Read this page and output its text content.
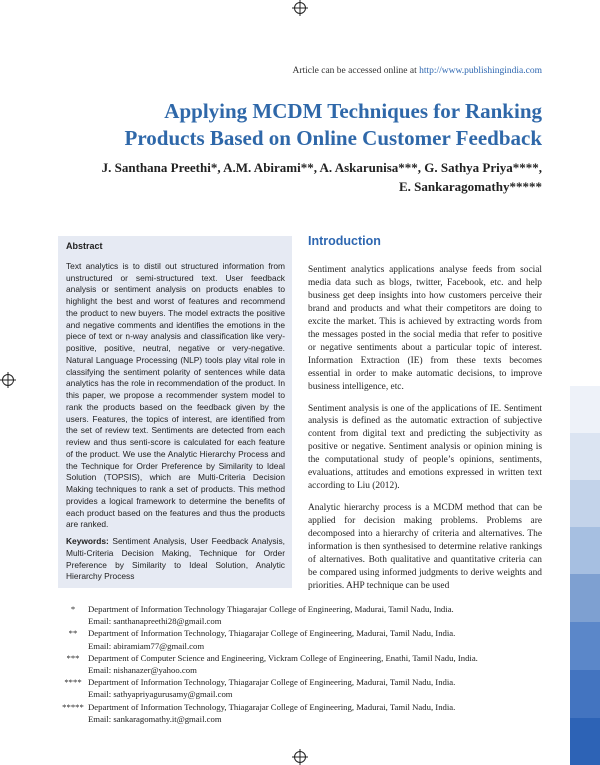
Article can be accessed online at http://www.publishingindia.com
Applying MCDM Techniques for Ranking Products Based on Online Customer Feedback
J. Santhana Preethi*, A.M. Abirami**, A. Askarunisa***, G. Sathya Priya****,
E. Sankaragomathy*****
Abstract
Text analytics is to distil out structured information from unstructured or semi-structured text. User feedback analysis or sentiment analysis on products enables to highlight the best and worst of features and recommend the product to new buyers. The model extracts the positive and negative comments and identifies the emotions in the piece of text or n-way analysis and classification like very-positive, positive, neutral, negative or very-negative. Natural Language Processing (NLP) tools play vital role in classifying the sentiment polarity of sentences while data analytics has the role in recommendation of the product. In this paper, we propose a recommender system model to rank the products based on the feedback given by the users. Features, the topics of interest, are identified from the set of review text. Sentiments are detected from each review and thus senti-score is calculated for each feature of the product. We use the Analytic Hierarchy Process and the Technique for Order Preference by Similarity to Ideal Solution (TOPSIS), which are Multi-Criteria Decision Making techniques to rank a set of products. This method provides a logical framework to determine the benefits of each product based on the features and thus the products are ranked.
Keywords: Sentiment Analysis, User Feedback Analysis, Multi-Criteria Decision Making, Technique for Order Preference by Similarity to Ideal Solution, Analytic Hierarchy Process
Introduction

Sentiment analytics applications analyse feeds from social media data such as blogs, twitter, Facebook, etc. and help business get deep insights into how customers perceive their brand and products and what their competitors are doing to excite the market. This is achieved by extracting words from the messages posted in the social media that refer to positive or negative sentiments about a particular topic of interest. Information Extraction (IE) from these texts becomes essential in order to make automatic decisions, to improve business intelligence, etc.

Sentiment analysis is one of the applications of IE. Sentiment analysis is defined as the automatic extraction of subjective content from digital text and predicting the subjectivity as positive or negative. Sentiment analysis or opinion mining is the computational study of people’s opinions, sentiments, evaluations, attitudes and emotions expressed in written text according to Liu (2012).

Analytic hierarchy process is a MCDM method that can be applied for decision making problems. Problems are decomposed into a hierarchy of criteria and alternatives. The information is then synthesised to determine relative rankings of alternatives. Both qualitative and quantitative criteria can be compared using informed judgments to derive weights and priorities. AHP technique can be used

*	Department of Information Technology Thiagarajar College of Engineering, Madurai, Tamil Nadu, India.
Email: santhanapreethi28@gmail.com
**	Department of Information Technology, Thiagarajar College of Engineering, Madurai, Tamil Nadu, India.
Email: abiramiam77@gmail.com
*** Department of Computer Science and Engineering, Vickram College of Engineering, Enathi, Tamil Nadu, India.
Email: nishanazer@yahoo.com
**** Department of Information Technology, Thiagarajar College of Engineering, Madurai, Tamil Nadu, India.
Email: sathyapriyagurusamy@gmail.com
***** Department of Information Technology, Thiagarajar College of Engineering, Madurai, Tamil Nadu, India.
Email: sankaragomathy.it@gmail.com
